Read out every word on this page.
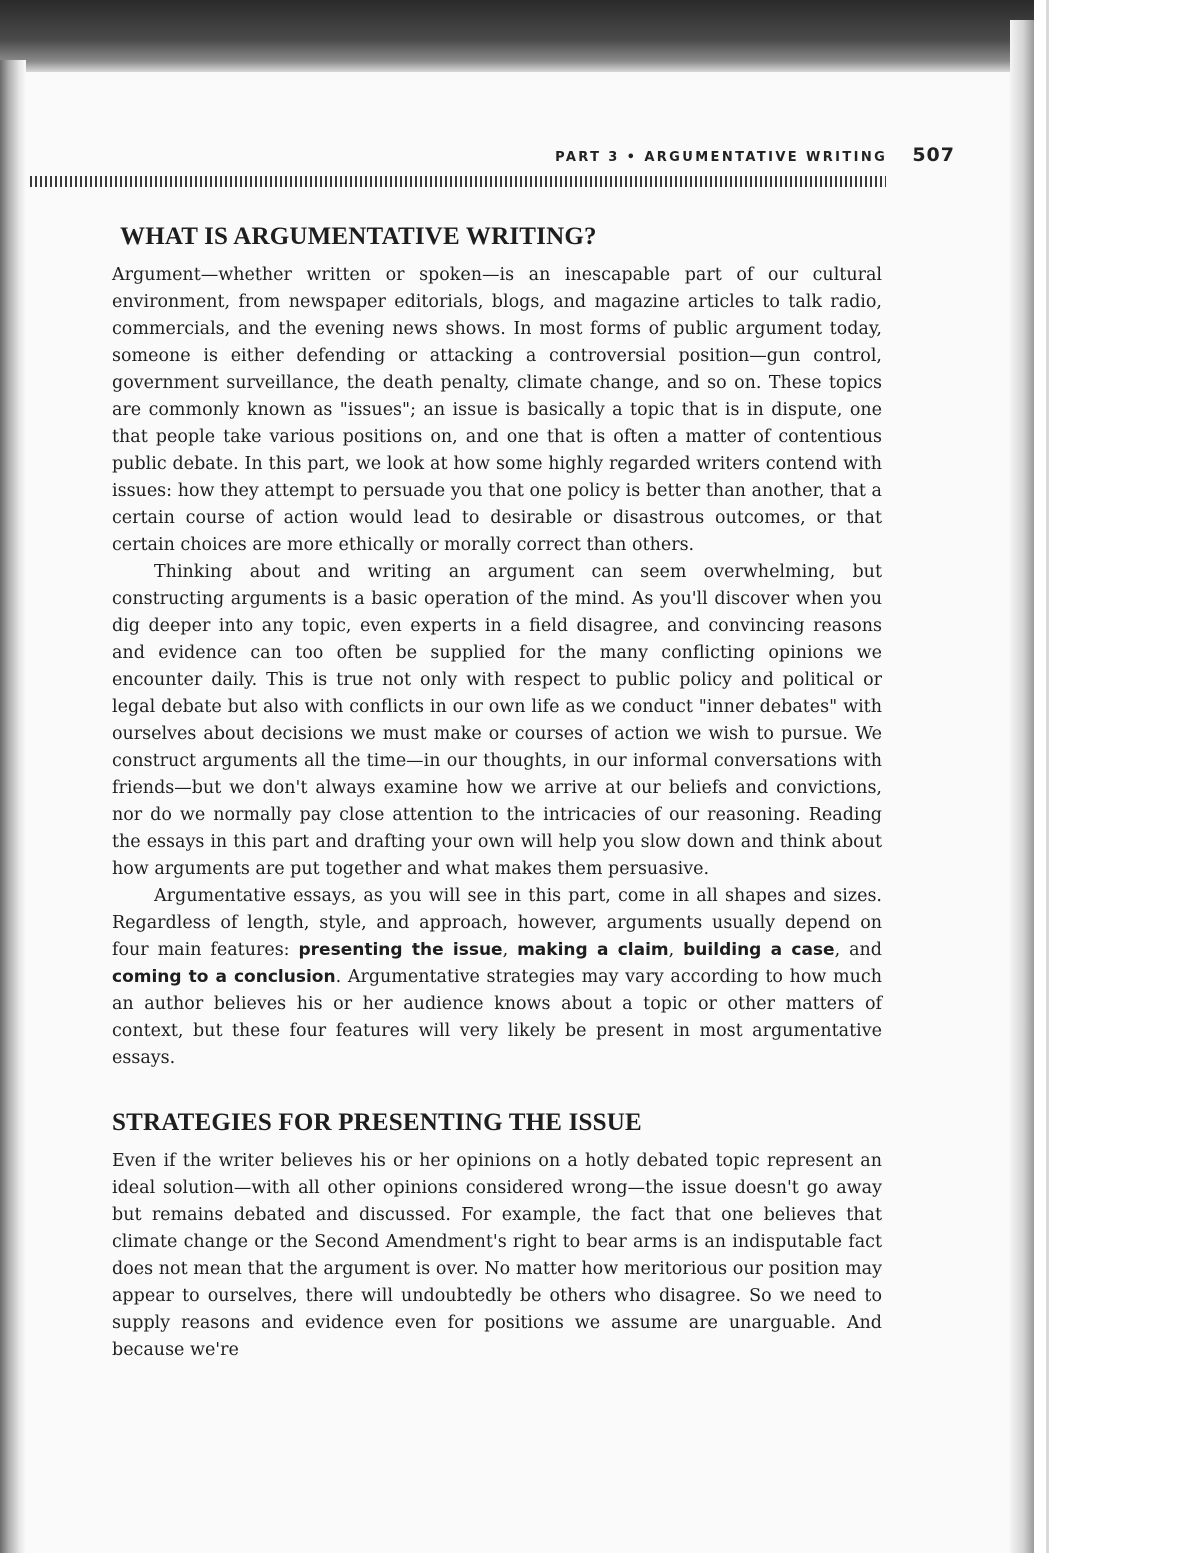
PART 3 • ARGUMENTATIVE WRITING 507
WHAT IS ARGUMENTATIVE WRITING?

Argument—whether written or spoken—is an inescapable part of our cultural environment, from newspaper editorials, blogs, and magazine articles to talk radio, commercials, and the evening news shows. In most forms of public argument today, someone is either defending or attacking a controversial position—gun control, government surveillance, the death penalty, climate change, and so on. These topics are commonly known as "issues"; an issue is basically a topic that is in dispute, one that people take various positions on, and one that is often a matter of contentious public debate. In this part, we look at how some highly regarded writers contend with issues: how they attempt to persuade you that one policy is better than another, that a certain course of action would lead to desirable or disastrous outcomes, or that certain choices are more ethically or morally correct than others.

Thinking about and writing an argument can seem overwhelming, but constructing arguments is a basic operation of the mind. As you'll discover when you dig deeper into any topic, even experts in a field disagree, and convincing reasons and evidence can too often be supplied for the many conflicting opinions we encounter daily. This is true not only with respect to public policy and political or legal debate but also with conflicts in our own life as we conduct "inner debates" with ourselves about decisions we must make or courses of action we wish to pursue. We construct arguments all the time—in our thoughts, in our informal conversations with friends—but we don't always examine how we arrive at our beliefs and convictions, nor do we normally pay close attention to the intricacies of our reasoning. Reading the essays in this part and drafting your own will help you slow down and think about how arguments are put together and what makes them persuasive.

Argumentative essays, as you will see in this part, come in all shapes and sizes. Regardless of length, style, and approach, however, arguments usually depend on four main features: presenting the issue, making a claim, building a case, and coming to a conclusion. Argumentative strategies may vary according to how much an author believes his or her audience knows about a topic or other matters of context, but these four features will very likely be present in most argumentative essays.

STRATEGIES FOR PRESENTING THE ISSUE

Even if the writer believes his or her opinions on a hotly debated topic represent an ideal solution—with all other opinions considered wrong—the issue doesn't go away but remains debated and discussed. For example, the fact that one believes that climate change or the Second Amendment's right to bear arms is an indisputable fact does not mean that the argument is over. No matter how meritorious our position may appear to ourselves, there will undoubtedly be others who disagree. So we need to supply reasons and evidence even for positions we assume are unarguable. And because we're
